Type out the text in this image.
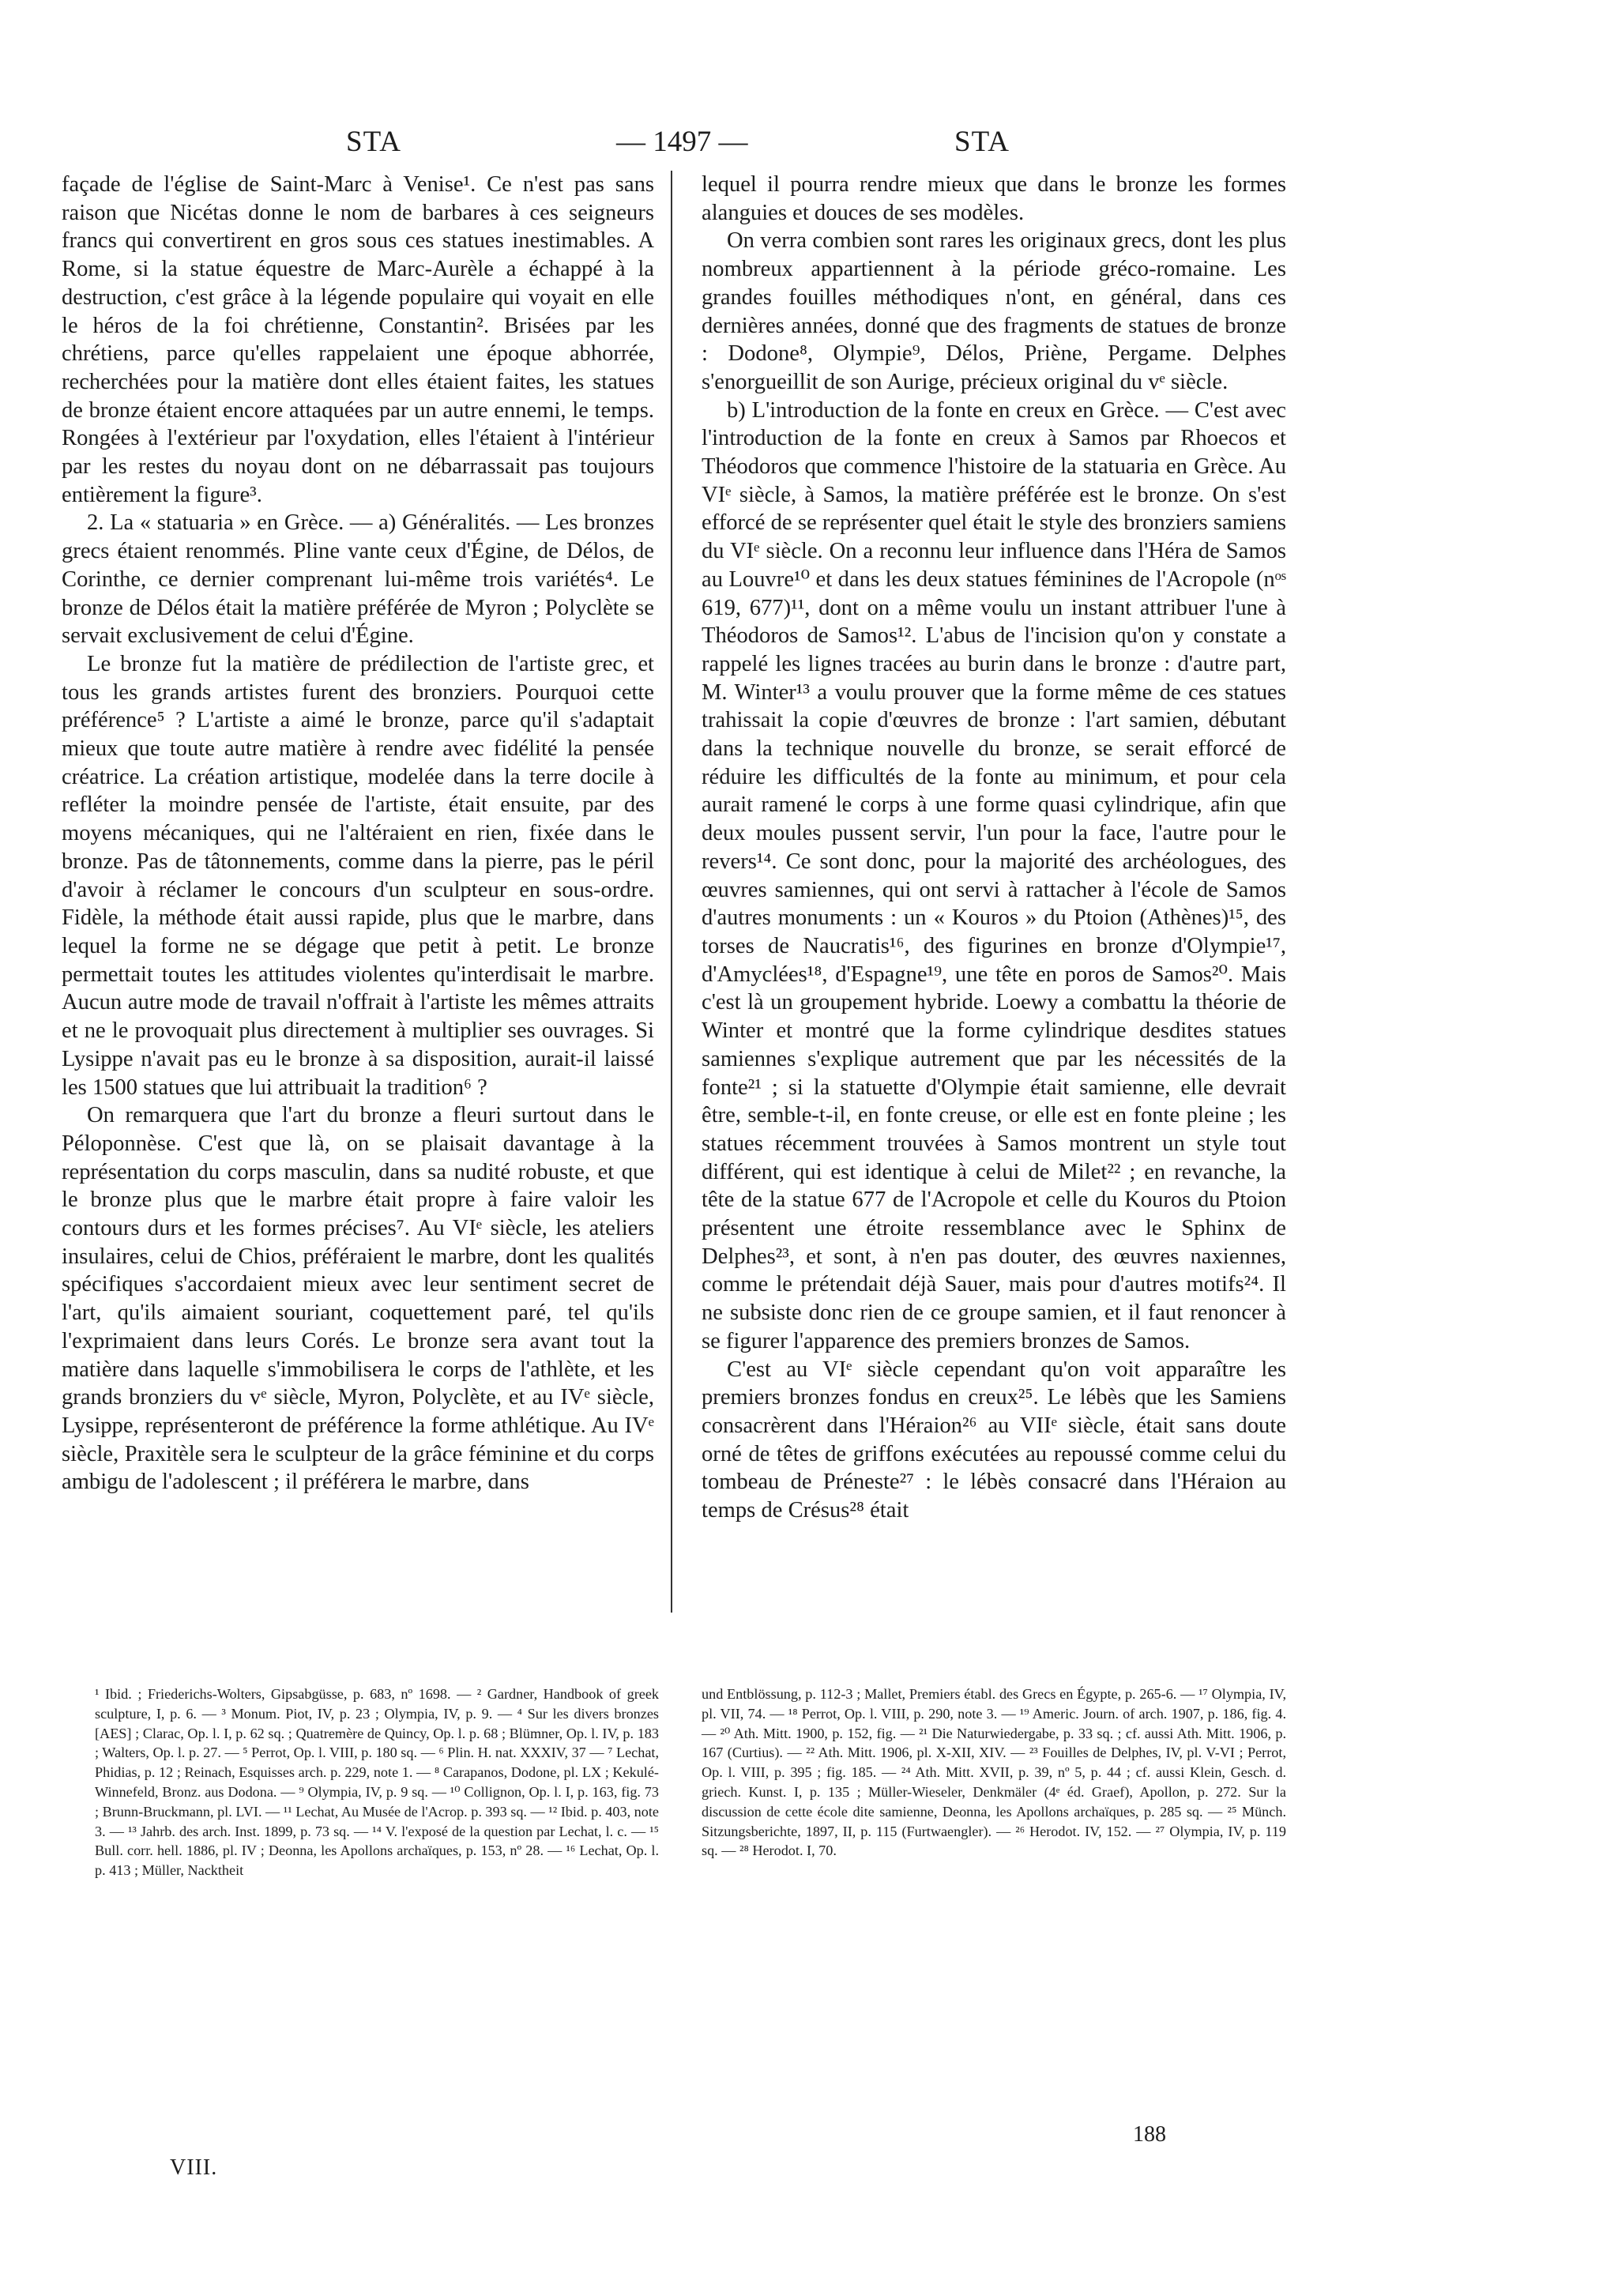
STA	— 1497 —	STA

façade de l'église de Saint-Marc à Venise¹. Ce n'est pas sans raison que Nicétas donne le nom de barbares à ces seigneurs francs qui convertirent en gros sous ces statues inestimables. A Rome, si la statue équestre de Marc-Aurèle a échappé à la destruction, c'est grâce à la légende populaire qui voyait en elle le héros de la foi chrétienne, Constantin². Brisées par les chrétiens, parce qu'elles rappelaient une époque abhorrée, recherchées pour la matière dont elles étaient faites, les statues de bronze étaient encore attaquées par un autre ennemi, le temps. Rongées à l'extérieur par l'oxydation, elles l'étaient à l'intérieur par les restes du noyau dont on ne débarrassait pas toujours entièrement la figure³.

2. La « statuaria » en Grèce. — a) Généralités. — Les bronzes grecs étaient renommés. Pline vante ceux d'Égine, de Délos, de Corinthe, ce dernier comprenant lui-même trois variétés⁴. Le bronze de Délos était la matière préférée de Myron ; Polyclète se servait exclusivement de celui d'Égine.

Le bronze fut la matière de prédilection de l'artiste grec, et tous les grands artistes furent des bronziers. Pourquoi cette préférence⁵ ? L'artiste a aimé le bronze, parce qu'il s'adaptait mieux que toute autre matière à rendre avec fidélité la pensée créatrice. La création artistique, modelée dans la terre docile à refléter la moindre pensée de l'artiste, était ensuite, par des moyens mécaniques, qui ne l'altéraient en rien, fixée dans le bronze. Pas de tâtonnements, comme dans la pierre, pas le péril d'avoir à réclamer le concours d'un sculpteur en sous-ordre. Fidèle, la méthode était aussi rapide, plus que le marbre, dans lequel la forme ne se dégage que petit à petit. Le bronze permettait toutes les attitudes violentes qu'interdisait le marbre. Aucun autre mode de travail n'offrait à l'artiste les mêmes attraits et ne le provoquait plus directement à multiplier ses ouvrages. Si Lysippe n'avait pas eu le bronze à sa disposition, aurait-il laissé les 1500 statues que lui attribuait la tradition⁶ ?

On remarquera que l'art du bronze a fleuri surtout dans le Péloponnèse. C'est que là, on se plaisait davantage à la représentation du corps masculin, dans sa nudité robuste, et que le bronze plus que le marbre était propre à faire valoir les contours durs et les formes précises⁷. Au VIᵉ siècle, les ateliers insulaires, celui de Chios, préféraient le marbre, dont les qualités spécifiques s'accordaient mieux avec leur sentiment secret de l'art, qu'ils aimaient souriant, coquettement paré, tel qu'ils l'exprimaient dans leurs Corés. Le bronze sera avant tout la matière dans laquelle s'immobilisera le corps de l'athlète, et les grands bronziers du vᵉ siècle, Myron, Polyclète, et au IVᵉ siècle, Lysippe, représenteront de préférence la forme athlétique. Au IVᵉ siècle, Praxitèle sera le sculpteur de la grâce féminine et du corps ambigu de l'adolescent ; il préférera le marbre, dans

lequel il pourra rendre mieux que dans le bronze les formes alanguies et douces de ses modèles.

On verra combien sont rares les originaux grecs, dont les plus nombreux appartiennent à la période gréco-romaine. Les grandes fouilles méthodiques n'ont, en général, dans ces dernières années, donné que des fragments de statues de bronze : Dodone⁸, Olympie⁹, Délos, Priène, Pergame. Delphes s'enorgueillit de son Aurige, précieux original du vᵉ siècle.

b) L'introduction de la fonte en creux en Grèce. — C'est avec l'introduction de la fonte en creux à Samos par Rhoecos et Théodoros que commence l'histoire de la statuaria en Grèce. Au VIᵉ siècle, à Samos, la matière préférée est le bronze. On s'est efforcé de se représenter quel était le style des bronziers samiens du VIᵉ siècle. On a reconnu leur influence dans l'Héra de Samos au Louvre¹⁰ et dans les deux statues féminines de l'Acropole (nᵒˢ 619, 677)¹¹, dont on a même voulu un instant attribuer l'une à Théodoros de Samos¹². L'abus de l'incision qu'on y constate a rappelé les lignes tracées au burin dans le bronze : d'autre part, M. Winter¹³ a voulu prouver que la forme même de ces statues trahissait la copie d'œuvres de bronze : l'art samien, débutant dans la technique nouvelle du bronze, se serait efforcé de réduire les difficultés de la fonte au minimum, et pour cela aurait ramené le corps à une forme quasi cylindrique, afin que deux moules pussent servir, l'un pour la face, l'autre pour le revers¹⁴. Ce sont donc, pour la majorité des archéologues, des œuvres samiennes, qui ont servi à rattacher à l'école de Samos d'autres monuments : un « Kouros » du Ptoion (Athènes)¹⁵, des torses de Naucratis¹⁶, des figurines en bronze d'Olympie¹⁷, d'Amyclées¹⁸, d'Espagne¹⁹, une tête en poros de Samos²⁰. Mais c'est là un groupement hybride. Loewy a combattu la théorie de Winter et montré que la forme cylindrique desdites statues samiennes s'explique autrement que par les nécessités de la fonte²¹ ; si la statuette d'Olympie était samienne, elle devrait être, semble-t-il, en fonte creuse, or elle est en fonte pleine ; les statues récemment trouvées à Samos montrent un style tout différent, qui est identique à celui de Milet²² ; en revanche, la tête de la statue 677 de l'Acropole et celle du Kouros du Ptoion présentent une étroite ressemblance avec le Sphinx de Delphes²³, et sont, à n'en pas douter, des œuvres naxiennes, comme le prétendait déjà Sauer, mais pour d'autres motifs²⁴. Il ne subsiste donc rien de ce groupe samien, et il faut renoncer à se figurer l'apparence des premiers bronzes de Samos.

C'est au VIᵉ siècle cependant qu'on voit apparaître les premiers bronzes fondus en creux²⁵. Le lébès que les Samiens consacrèrent dans l'Héraion²⁶ au VIIᵉ siècle, était sans doute orné de têtes de griffons exécutées au repoussé comme celui du tombeau de Préneste²⁷ : le lébès consacré dans l'Héraion au temps de Crésus²⁸ était

¹ Ibid. ; Friederichs-Wolters, Gipsabgüsse, p. 683, nº 1698. — ² Gardner, Handbook of greek sculpture, I, p. 6. — ³ Monum. Piot, IV, p. 23 ; Olympia, IV, p. 9. — ⁴ Sur les divers bronzes [AES] ; Clarac, Op. l. I, p. 62 sq. ; Quatremère de Quincy, Op. l. p. 68 ; Blümner, Op. l. IV, p. 183 ; Walters, Op. l. p. 27. — ⁵ Perrot, Op. l. VIII, p. 180 sq. — ⁶ Plin. H. nat. XXXIV, 37 — ⁷ Lechat, Phidias, p. 12 ; Reinach, Esquisses arch. p. 229, note 1. — ⁸ Carapanos, Dodone, pl. LX ; Kekulé-Winnefeld, Bronz. aus Dodona. — ⁹ Olympia, IV, p. 9 sq. — ¹⁰ Collignon, Op. l. I, p. 163, fig. 73 ; Brunn-Bruckmann, pl. LVI. — ¹¹ Lechat, Au Musée de l'Acrop. p. 393 sq. — ¹² Ibid. p. 403, note 3. — ¹³ Jahrb. des arch. Inst. 1899, p. 73 sq. — ¹⁴ V. l'exposé de la question par Lechat, l. c. — ¹⁵ Bull. corr. hell. 1886, pl. IV ; Deonna, les Apollons archaïques, p. 153, nº 28. — ¹⁶ Lechat, Op. l. p. 413 ; Müller, Nacktheit

und Entblössung, p. 112-3 ; Mallet, Premiers établ. des Grecs en Égypte, p. 265-6. — ¹⁷ Olympia, IV, pl. VII, 74. — ¹⁸ Perrot, Op. l. VIII, p. 290, note 3. — ¹⁹ Americ. Journ. of arch. 1907, p. 186, fig. 4. — ²⁰ Ath. Mitt. 1900, p. 152, fig. — ²¹ Die Naturwiedergabe, p. 33 sq. ; cf. aussi Ath. Mitt. 1906, p. 167 (Curtius). — ²² Ath. Mitt. 1906, pl. X-XII, XIV. — ²³ Fouilles de Delphes, IV, pl. V-VI ; Perrot, Op. l. VIII, p. 395 ; fig. 185. — ²⁴ Ath. Mitt. XVII, p. 39, nº 5, p. 44 ; cf. aussi Klein, Gesch. d. griech. Kunst. I, p. 135 ; Müller-Wieseler, Denkmäler (4ᵉ éd. Graef), Apollon, p. 272. Sur la discussion de cette école dite samienne, Deonna, les Apollons archaïques, p. 285 sq. — ²⁵ Münch. Sitzungsberichte, 1897, II, p. 115 (Furtwaengler). — ²⁶ Herodot. IV, 152. — ²⁷ Olympia, IV, p. 119 sq. — ²⁸ Herodot. I, 70.

VIII.
188
